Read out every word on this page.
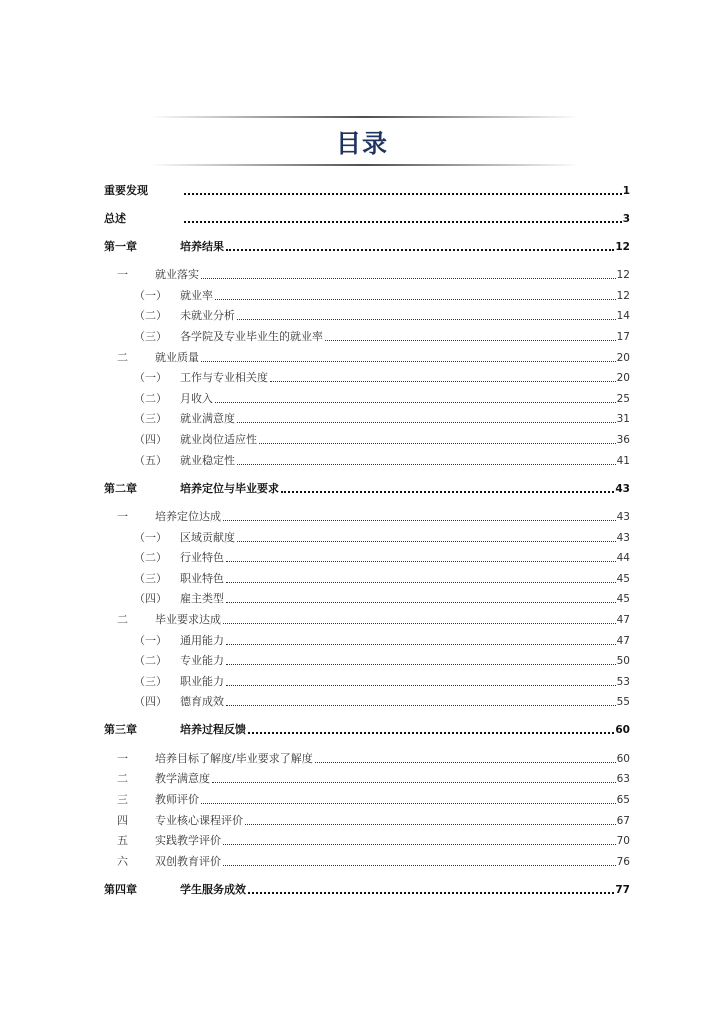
目录
重要发现	1
总述	3
第一章	培养结果	12
一	就业落实	12
（一）	就业率	12
（二）	未就业分析	14
（三）	各学院及专业毕业生的就业率	17
二	就业质量	20
（一）	工作与专业相关度	20
（二）	月收入	25
（三）	就业满意度	31
（四）	就业岗位适应性	36
（五）	就业稳定性	41
第二章	培养定位与毕业要求	43
一	培养定位达成	43
（一）	区域贡献度	43
（二）	行业特色	44
（三）	职业特色	45
（四）	雇主类型	45
二	毕业要求达成	47
（一）	通用能力	47
（二）	专业能力	50
（三）	职业能力	53
（四）	德育成效	55
第三章	培养过程反馈	60
一	培养目标了解度/毕业要求了解度	60
二	教学满意度	63
三	教师评价	65
四	专业核心课程评价	67
五	实践教学评价	70
六	双创教育评价	76
第四章	学生服务成效	77
